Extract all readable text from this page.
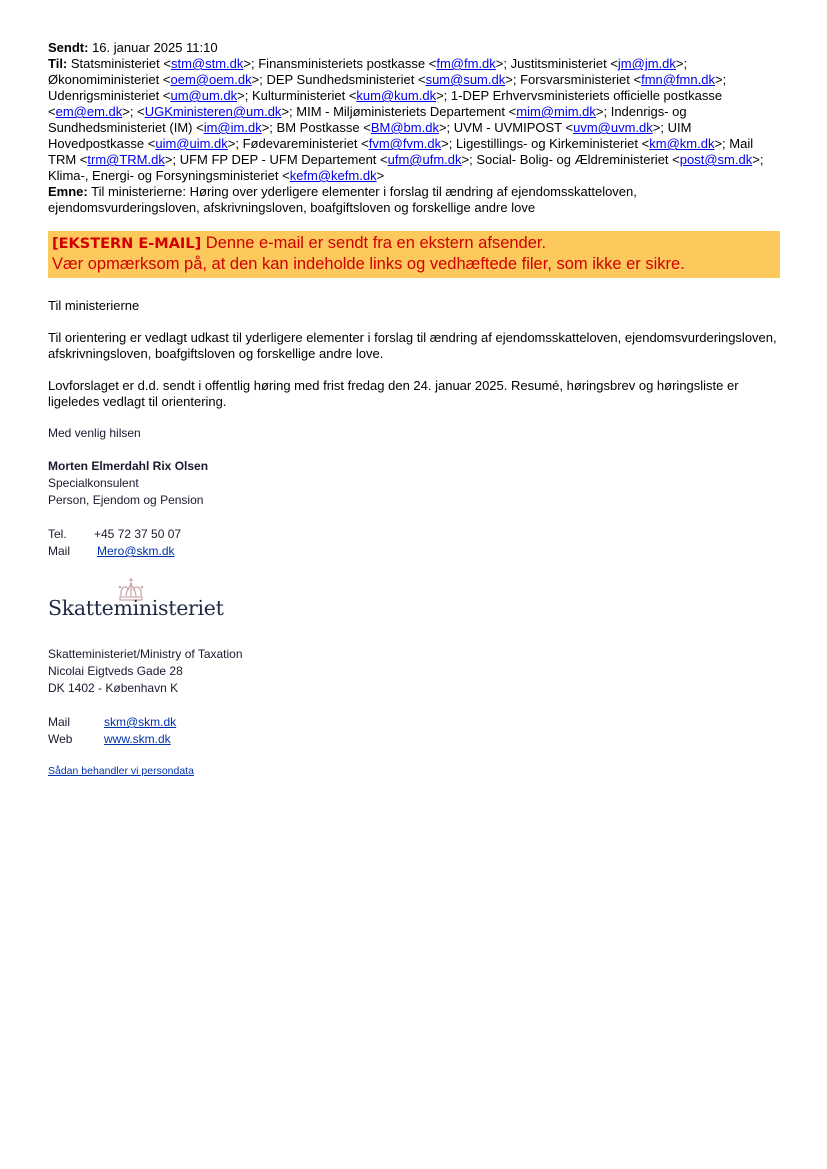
Sendt: 16. januar 2025 11:10
Til: Statsministeriet <stm@stm.dk>; Finansministeriets postkasse <fm@fm.dk>; Justitsministeriet <jm@jm.dk>; Økonomiministeriet <oem@oem.dk>; DEP Sundhedsministeriet <sum@sum.dk>; Forsvarsministeriet <fmn@fmn.dk>; Udenrigsministeriet <um@um.dk>; Kulturministeriet <kum@kum.dk>; 1-DEP Erhvervsministeriets officielle postkasse <em@em.dk>; <UGKministeren@um.dk>; MIM - Miljøministeriets Departement <mim@mim.dk>; Indenrigs- og Sundhedsministeriet (IM) <im@im.dk>; BM Postkasse <BM@bm.dk>; UVM - UVMIPOST <uvm@uvm.dk>; UIM Hovedpostkasse <uim@uim.dk>; Fødevareministeriet <fvm@fvm.dk>; Ligestillings- og Kirkeministeriet <km@km.dk>; Mail TRM <trm@TRM.dk>; UFM FP DEP - UFM Departement <ufm@ufm.dk>; Social- Bolig- og Ældreministeriet <post@sm.dk>; Klima-, Energi- og Forsyningsministeriet <kefm@kefm.dk>
Emne: Til ministerierne: Høring over yderligere elementer i forslag til ændring af ejendomsskatteloven, ejendomsvurderingsloven, afskrivningsloven, boafgiftsloven og forskellige andre love
[EKSTERN E-MAIL] Denne e-mail er sendt fra en ekstern afsender.
Vær opmærksom på, at den kan indeholde links og vedhæftede filer, som ikke er sikre.

Til ministerierne

Til orientering er vedlagt udkast til yderligere elementer i forslag til ændring af ejendomsskatteloven, ejendomsvurderingsloven, afskrivningsloven, boafgiftsloven og forskellige andre love.

Lovforslaget er d.d. sendt i offentlig høring med frist fredag den 24. januar 2025. Resumé, høringsbrev og høringsliste er ligeledes vedlagt til orientering.

Med venlig hilsen
Morten Elmerdahl Rix Olsen
Specialkonsulent
Person, Ejendom og Pension
Tel.	+45 72 37 50 07
Mail	Mero@skm.dk
Skatteministeriet
Skatteministeriet/Ministry of Taxation
Nicolai Eigtveds Gade 28
DK 1402 - København K
Mail	skm@skm.dk
Web	www.skm.dk
Sådan behandler vi persondata
